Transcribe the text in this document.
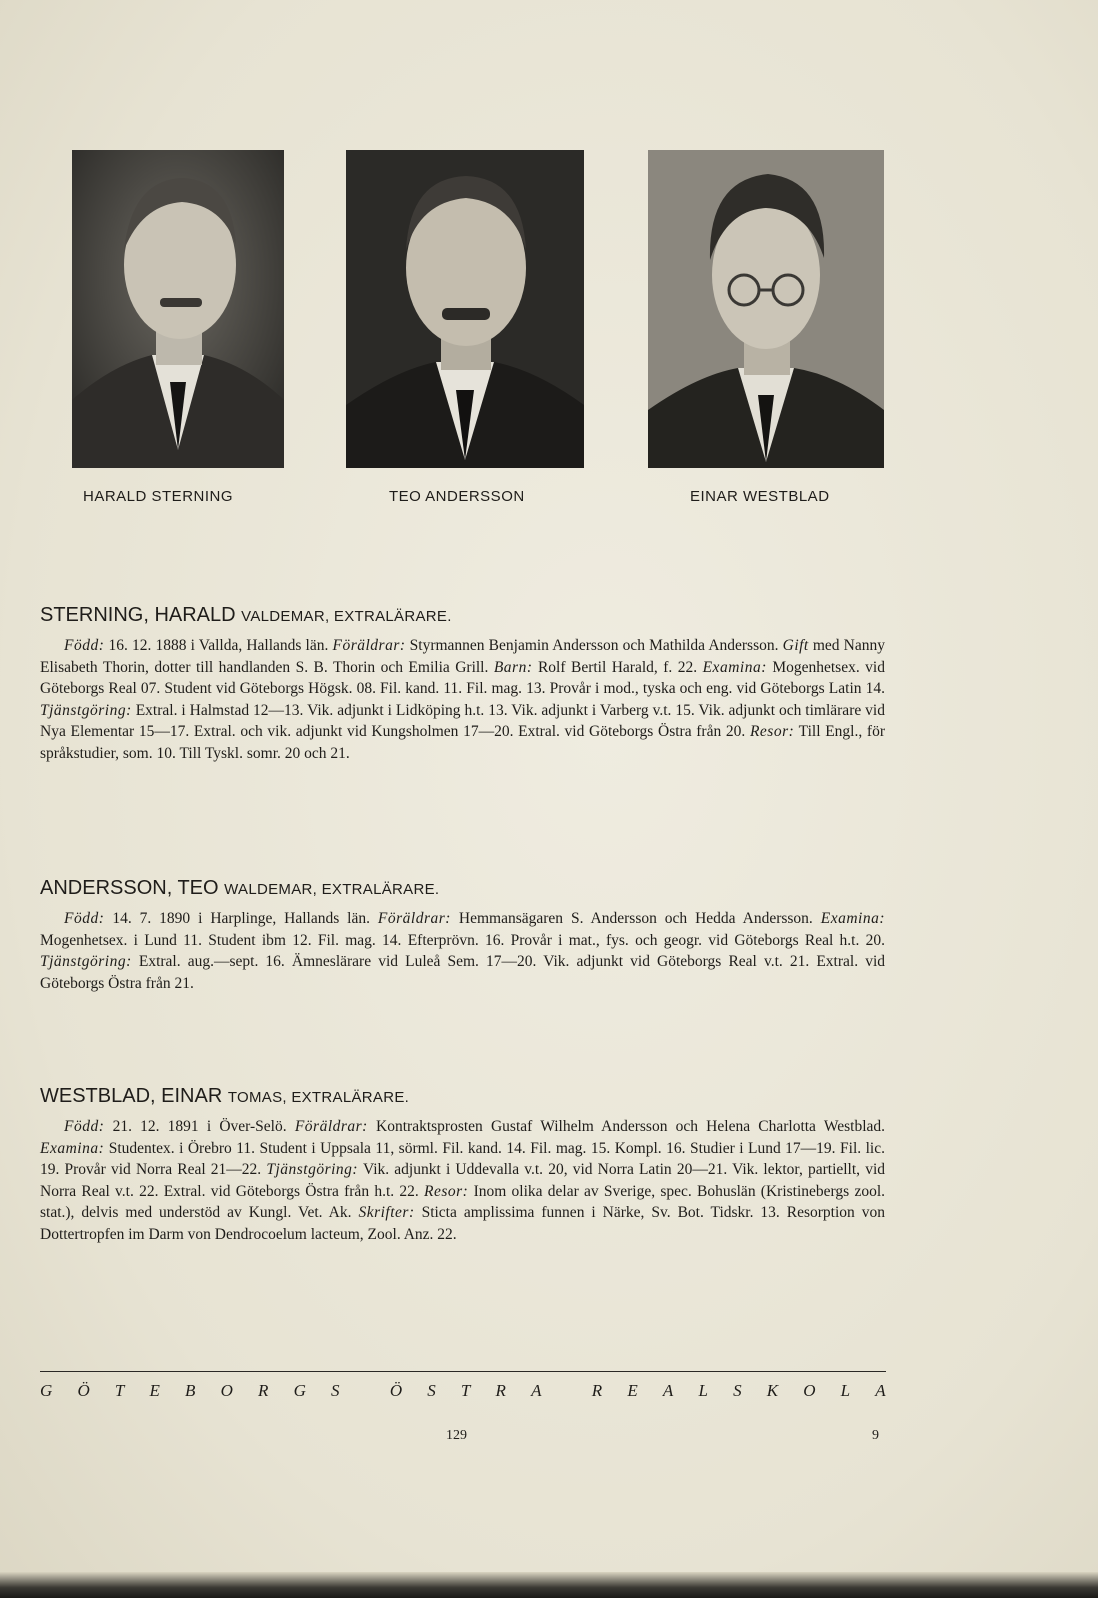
HARALD STERNING	TEO ANDERSSON	EINAR WESTBLAD
STERNING, HARALD VALDEMAR, EXTRALÄRARE.

Född: 16. 12. 1888 i Vallda, Hallands län. Föräldrar: Styrmannen Benjamin Andersson och Mathilda Andersson. Gift med Nanny Elisabeth Thorin, dotter till handlanden S. B. Thorin och Emilia Grill. Barn: Rolf Bertil Harald, f. 22. Examina: Mogenhetsex. vid Göteborgs Real 07. Student vid Göteborgs Högsk. 08. Fil. kand. 11. Fil. mag. 13. Provår i mod., tyska och eng. vid Göteborgs Latin 14. Tjänstgöring: Extral. i Halmstad 12—13. Vik. adjunkt i Lidköping h.t. 13. Vik. adjunkt i Varberg v.t. 15. Vik. adjunkt och timlärare vid Nya Elementar 15—17. Extral. och vik. adjunkt vid Kungsholmen 17—20. Extral. vid Göteborgs Östra från 20. Resor: Till Engl., för språkstudier, som. 10. Till Tyskl. somr. 20 och 21.

ANDERSSON, TEO WALDEMAR, EXTRALÄRARE.

Född: 14. 7. 1890 i Harplinge, Hallands län. Föräldrar: Hemmansägaren S. Andersson och Hedda Andersson. Examina: Mogenhetsex. i Lund 11. Student ibm 12. Fil. mag. 14. Efterprövn. 16. Provår i mat., fys. och geogr. vid Göteborgs Real h.t. 20. Tjänstgöring: Extral. aug.—sept. 16. Ämneslärare vid Luleå Sem. 17—20. Vik. adjunkt vid Göteborgs Real v.t. 21. Extral. vid Göteborgs Östra från 21.

WESTBLAD, EINAR TOMAS, EXTRALÄRARE.

Född: 21. 12. 1891 i Över-Selö. Föräldrar: Kontraktsprosten Gustaf Wilhelm Andersson och Helena Charlotta Westblad. Examina: Studentex. i Örebro 11. Student i Uppsala 11, sörml. Fil. kand. 14. Fil. mag. 15. Kompl. 16. Studier i Lund 17—19. Fil. lic. 19. Provår vid Norra Real 21—22. Tjänstgöring: Vik. adjunkt i Uddevalla v.t. 20, vid Norra Latin 20—21. Vik. lektor, partiellt, vid Norra Real v.t. 22. Extral. vid Göteborgs Östra från h.t. 22. Resor: Inom olika delar av Sverige, spec. Bohuslän (Kristinebergs zool. stat.), delvis med understöd av Kungl. Vet. Ak. Skrifter: Sticta amplissima funnen i Närke, Sv. Bot. Tidskr. 13. Resorption von Dottertropfen im Darm von Dendrocoelum lacteum, Zool. Anz. 22.

G Ö T E B O R G S	Ö S T R A	R E A L S K O L A
129	9
